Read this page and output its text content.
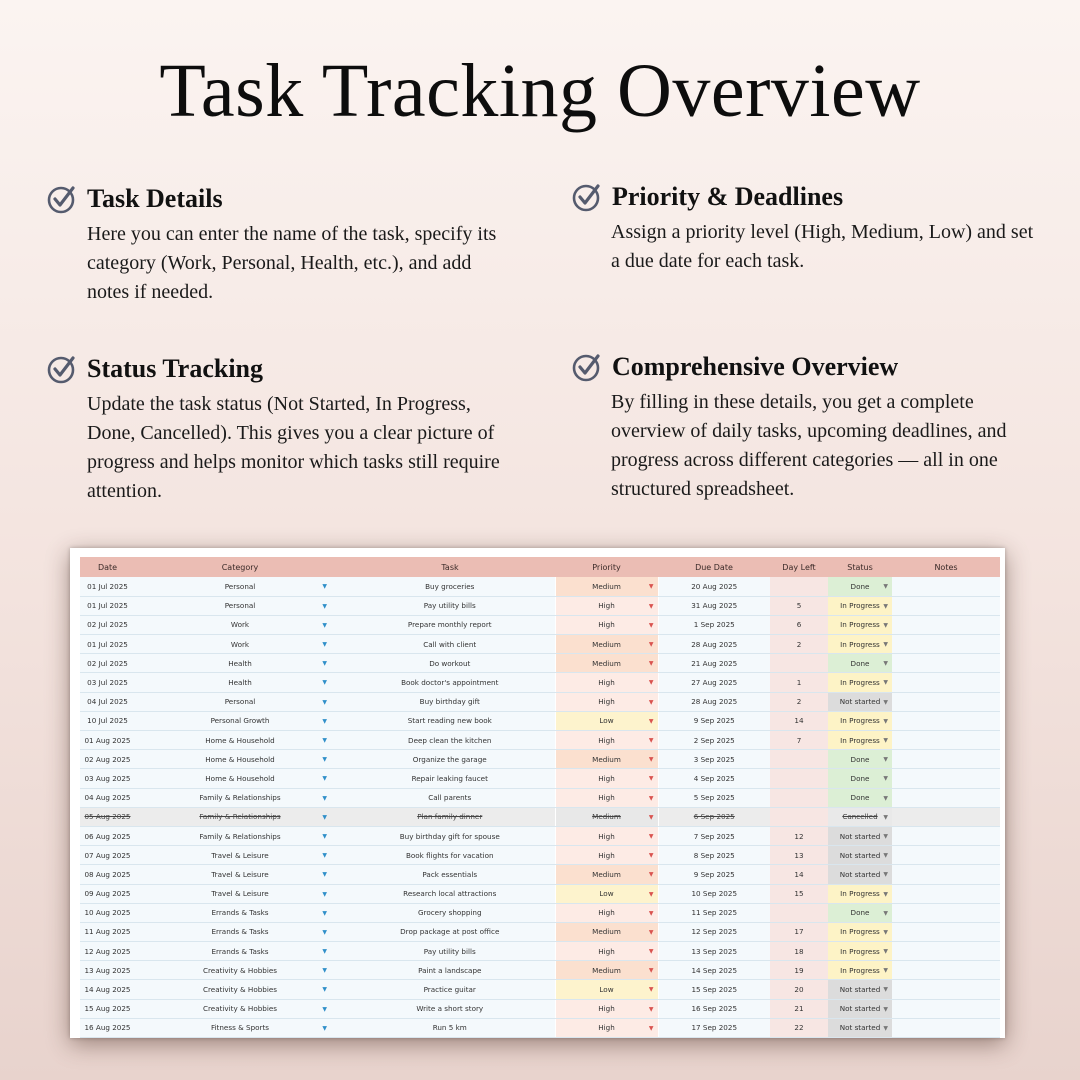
Task Tracking Overview
Task Details

Here you can enter the name of the task, specify its category (Work, Personal, Health, etc.), and add notes if needed.

Priority & Deadlines

Assign a priority level (High, Medium, Low) and set a due date for each task.

Status Tracking

Update the task status (Not Started, In Progress, Done, Cancelled). This gives you a clear picture of progress and helps monitor which tasks still require attention.

Comprehensive Overview

By filling in these details, you get a complete overview of daily tasks, upcoming deadlines, and progress across different categories — all in one structured spreadsheet.

Date	Category	Task	Priority	Due Date	Day Left	Status	Notes
01 Jul 2025	Personal ▼	Buy groceries	Medium ▼	20 Aug 2025		Done ▼	

01 Jul 2025	Personal ▼	Pay utility bills	High ▼	31 Aug 2025	5	In Progress ▼	

02 Jul 2025	Work ▼	Prepare monthly report	High ▼	1 Sep 2025	6	In Progress ▼	

01 Jul 2025	Work ▼	Call with client	Medium ▼	28 Aug 2025	2	In Progress ▼	

02 Jul 2025	Health ▼	Do workout	Medium ▼	21 Aug 2025		Done ▼	

03 Jul 2025	Health ▼	Book doctor's appointment	High ▼	27 Aug 2025	1	In Progress ▼	

04 Jul 2025	Personal ▼	Buy birthday gift	High ▼	28 Aug 2025	2	Not started ▼	

10 Jul 2025	Personal Growth ▼	Start reading new book	Low ▼	9 Sep 2025	14	In Progress ▼	

01 Aug 2025	Home & Household ▼	Deep clean the kitchen	High ▼	2 Sep 2025	7	In Progress ▼	

02 Aug 2025	Home & Household ▼	Organize the garage	Medium ▼	3 Sep 2025		Done ▼	

03 Aug 2025	Home & Household ▼	Repair leaking faucet	High ▼	4 Sep 2025		Done ▼	

04 Aug 2025	Family & Relationships ▼	Call parents	High ▼	5 Sep 2025		Done ▼	

05 Aug 2025	Family & Relationships ▼	Plan family dinner	Medium ▼	6 Sep 2025		Cancelled ▼	

06 Aug 2025	Family & Relationships ▼	Buy birthday gift for spouse	High ▼	7 Sep 2025	12	Not started ▼	

07 Aug 2025	Travel & Leisure ▼	Book flights for vacation	High ▼	8 Sep 2025	13	Not started ▼	

08 Aug 2025	Travel & Leisure ▼	Pack essentials	Medium ▼	9 Sep 2025	14	Not started ▼	

09 Aug 2025	Travel & Leisure ▼	Research local attractions	Low ▼	10 Sep 2025	15	In Progress ▼	

10 Aug 2025	Errands & Tasks ▼	Grocery shopping	High ▼	11 Sep 2025		Done ▼	

11 Aug 2025	Errands & Tasks ▼	Drop package at post office	Medium ▼	12 Sep 2025	17	In Progress ▼	

12 Aug 2025	Errands & Tasks ▼	Pay utility bills	High ▼	13 Sep 2025	18	In Progress ▼	

13 Aug 2025	Creativity & Hobbies ▼	Paint a landscape	Medium ▼	14 Sep 2025	19	In Progress ▼	

14 Aug 2025	Creativity & Hobbies ▼	Practice guitar	Low ▼	15 Sep 2025	20	Not started ▼	

15 Aug 2025	Creativity & Hobbies ▼	Write a short story	High ▼	16 Sep 2025	21	Not started ▼	

16 Aug 2025	Fitness & Sports ▼	Run 5 km	High ▼	17 Sep 2025	22	Not started ▼	
